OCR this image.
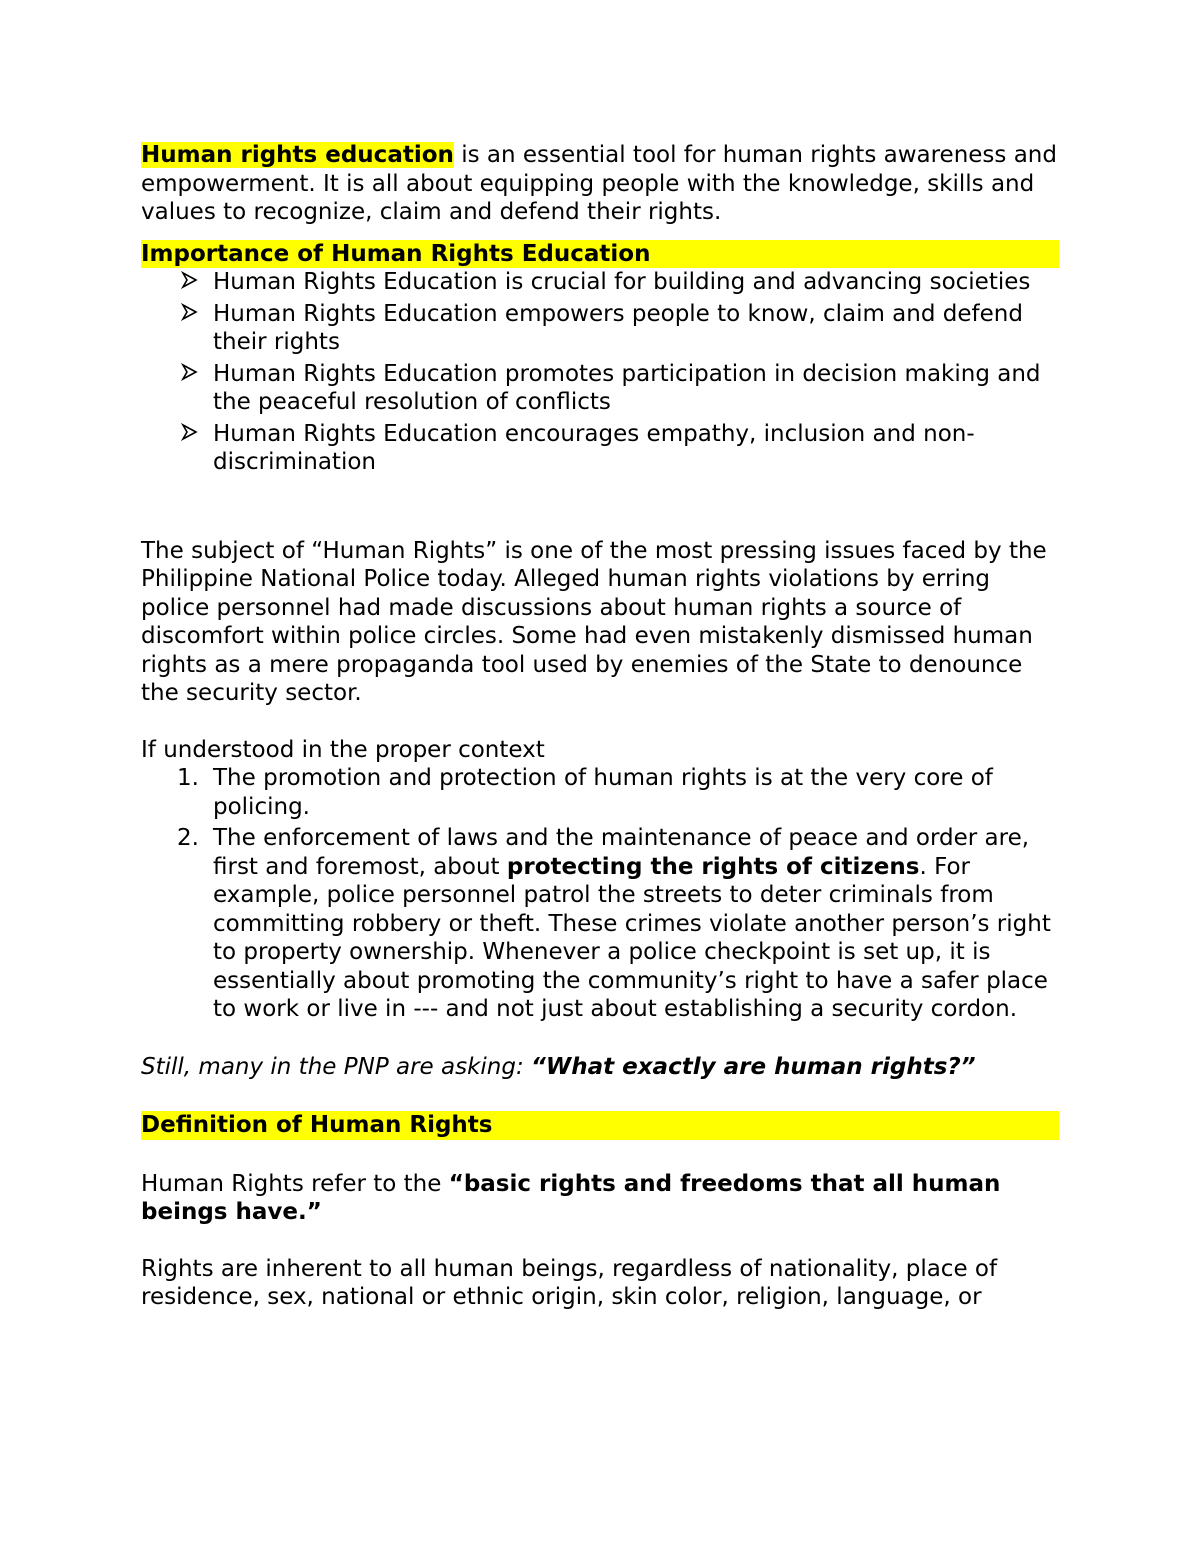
Human rights education is an essential tool for human rights awareness and empowerment. It is all about equipping people with the knowledge, skills and values to recognize, claim and defend their rights.

Importance of Human Rights Education

Human Rights Education is crucial for building and advancing societies
Human Rights Education empowers people to know, claim and defend their rights
Human Rights Education promotes participation in decision making and the peaceful resolution of conflicts
Human Rights Education encourages empathy, inclusion and non-discrimination

The subject of “Human Rights” is one of the most pressing issues faced by the Philippine National Police today. Alleged human rights violations by erring police personnel had made discussions about human rights a source of discomfort within police circles. Some had even mistakenly dismissed human rights as a mere propaganda tool used by enemies of the State to denounce the security sector.

If understood in the proper context

1. The promotion and protection of human rights is at the very core of policing.
2. The enforcement of laws and the maintenance of peace and order are, first and foremost, about protecting the rights of citizens. For example, police personnel patrol the streets to deter criminals from committing robbery or theft. These crimes violate another person’s right to property ownership. Whenever a police checkpoint is set up, it is essentially about promoting the community’s right to have a safer place to work or live in --- and not just about establishing a security cordon.

Still, many in the PNP are asking: “What exactly are human rights?”

Definition of Human Rights

Human Rights refer to the “basic rights and freedoms that all human beings have.”

Rights are inherent to all human beings, regardless of nationality, place of residence, sex, national or ethnic origin, skin color, religion, language, or
